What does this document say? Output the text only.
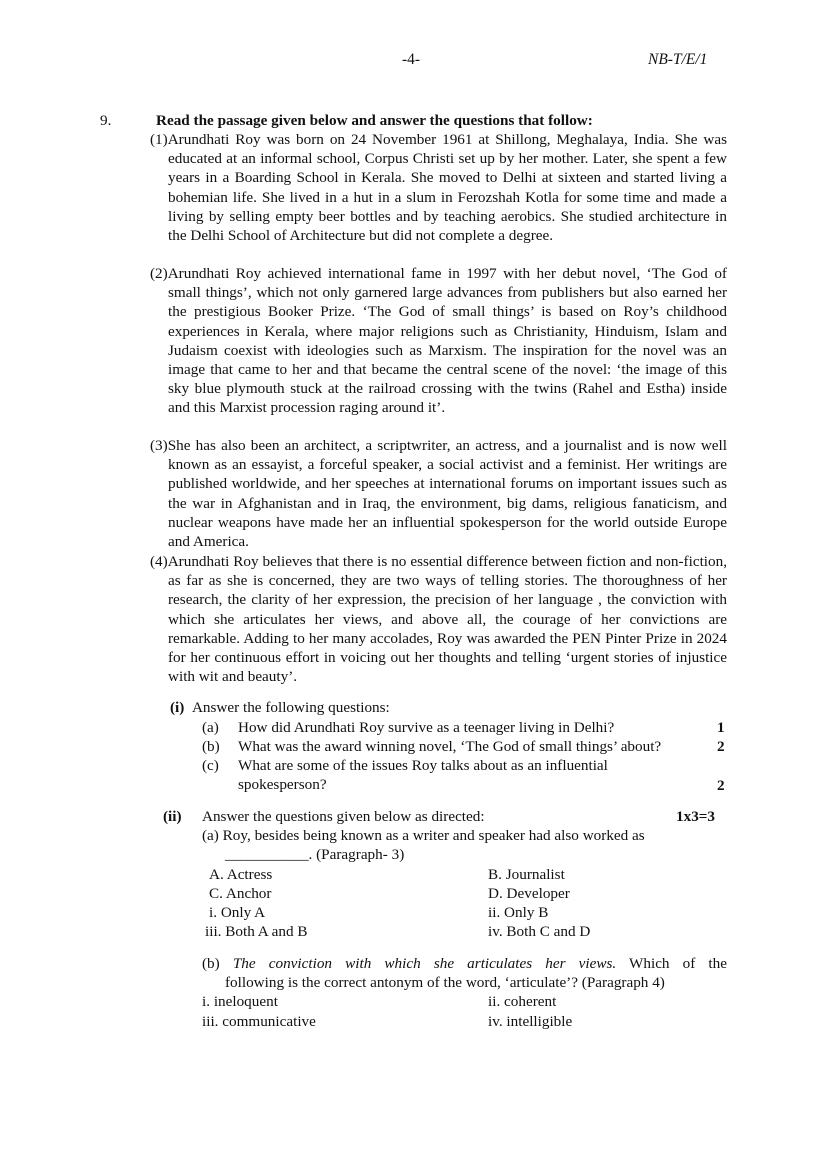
-4-	NB-T/E/1
9.	Read the passage given below and answer the questions that follow:
(1)Arundhati Roy was born on 24 November 1961 at Shillong, Meghalaya, India. She was educated at an informal school, Corpus Christi set up by her mother. Later, she spent a few years in a Boarding School in Kerala. She moved to Delhi at sixteen and started living a bohemian life. She lived in a hut in a slum in Ferozshah Kotla for some time and made a living by selling empty beer bottles and by teaching aerobics. She studied architecture in the Delhi School of Architecture but did not complete a degree.
(2)Arundhati Roy achieved international fame in 1997 with her debut novel, ‘The God of small things’, which not only garnered large advances from publishers but also earned her the prestigious Booker Prize. ‘The God of small things’ is based on Roy’s childhood experiences in Kerala, where major religions such as Christianity, Hinduism, Islam and Judaism coexist with ideologies such as Marxism. The inspiration for the novel was an image that came to her and that became the central scene of the novel: ‘the image of this sky blue plymouth stuck at the railroad crossing with the twins (Rahel and Estha) inside and this Marxist procession raging around it’.
(3)She has also been an architect, a scriptwriter, an actress, and a journalist and is now well known as an essayist, a forceful speaker, a social activist and a feminist. Her writings are published worldwide, and her speeches at international forums on important issues such as the war in Afghanistan and in Iraq, the environment, big dams, religious fanaticism, and nuclear weapons have made her an influential spokesperson for the world outside Europe and America.
(4)Arundhati Roy believes that there is no essential difference between fiction and non-fiction, as far as she is concerned, they are two ways of telling stories. The thoroughness of her research, the clarity of her expression, the precision of her language , the conviction with which she articulates her views, and above all, the courage of her convictions are remarkable. Adding to her many accolades, Roy was awarded the PEN Pinter Prize in 2024 for her continuous effort in voicing out her thoughts and telling ‘urgent stories of injustice with wit and beauty’.
(i) Answer the following questions:
(a) How did Arundhati Roy survive as a teenager living in Delhi?	1
(b) What was the award winning novel, ‘The God of small things’ about?	2
(c) What are some of the issues Roy talks about as an influential
spokesperson?	2
(ii) Answer the questions given below as directed:	1x3=3
(a) Roy, besides being known as a writer and speaker had also worked as
___________. (Paragraph- 3)
A. Actress	B. Journalist
C. Anchor	D. Developer
i. Only A	ii. Only B
iii. Both A and B	iv. Both C and D
(b) The conviction with which she articulates her views. Which of the
following is the correct antonym of the word, ‘articulate’? (Paragraph 4)
i. ineloquent	ii. coherent
iii. communicative	iv. intelligible
